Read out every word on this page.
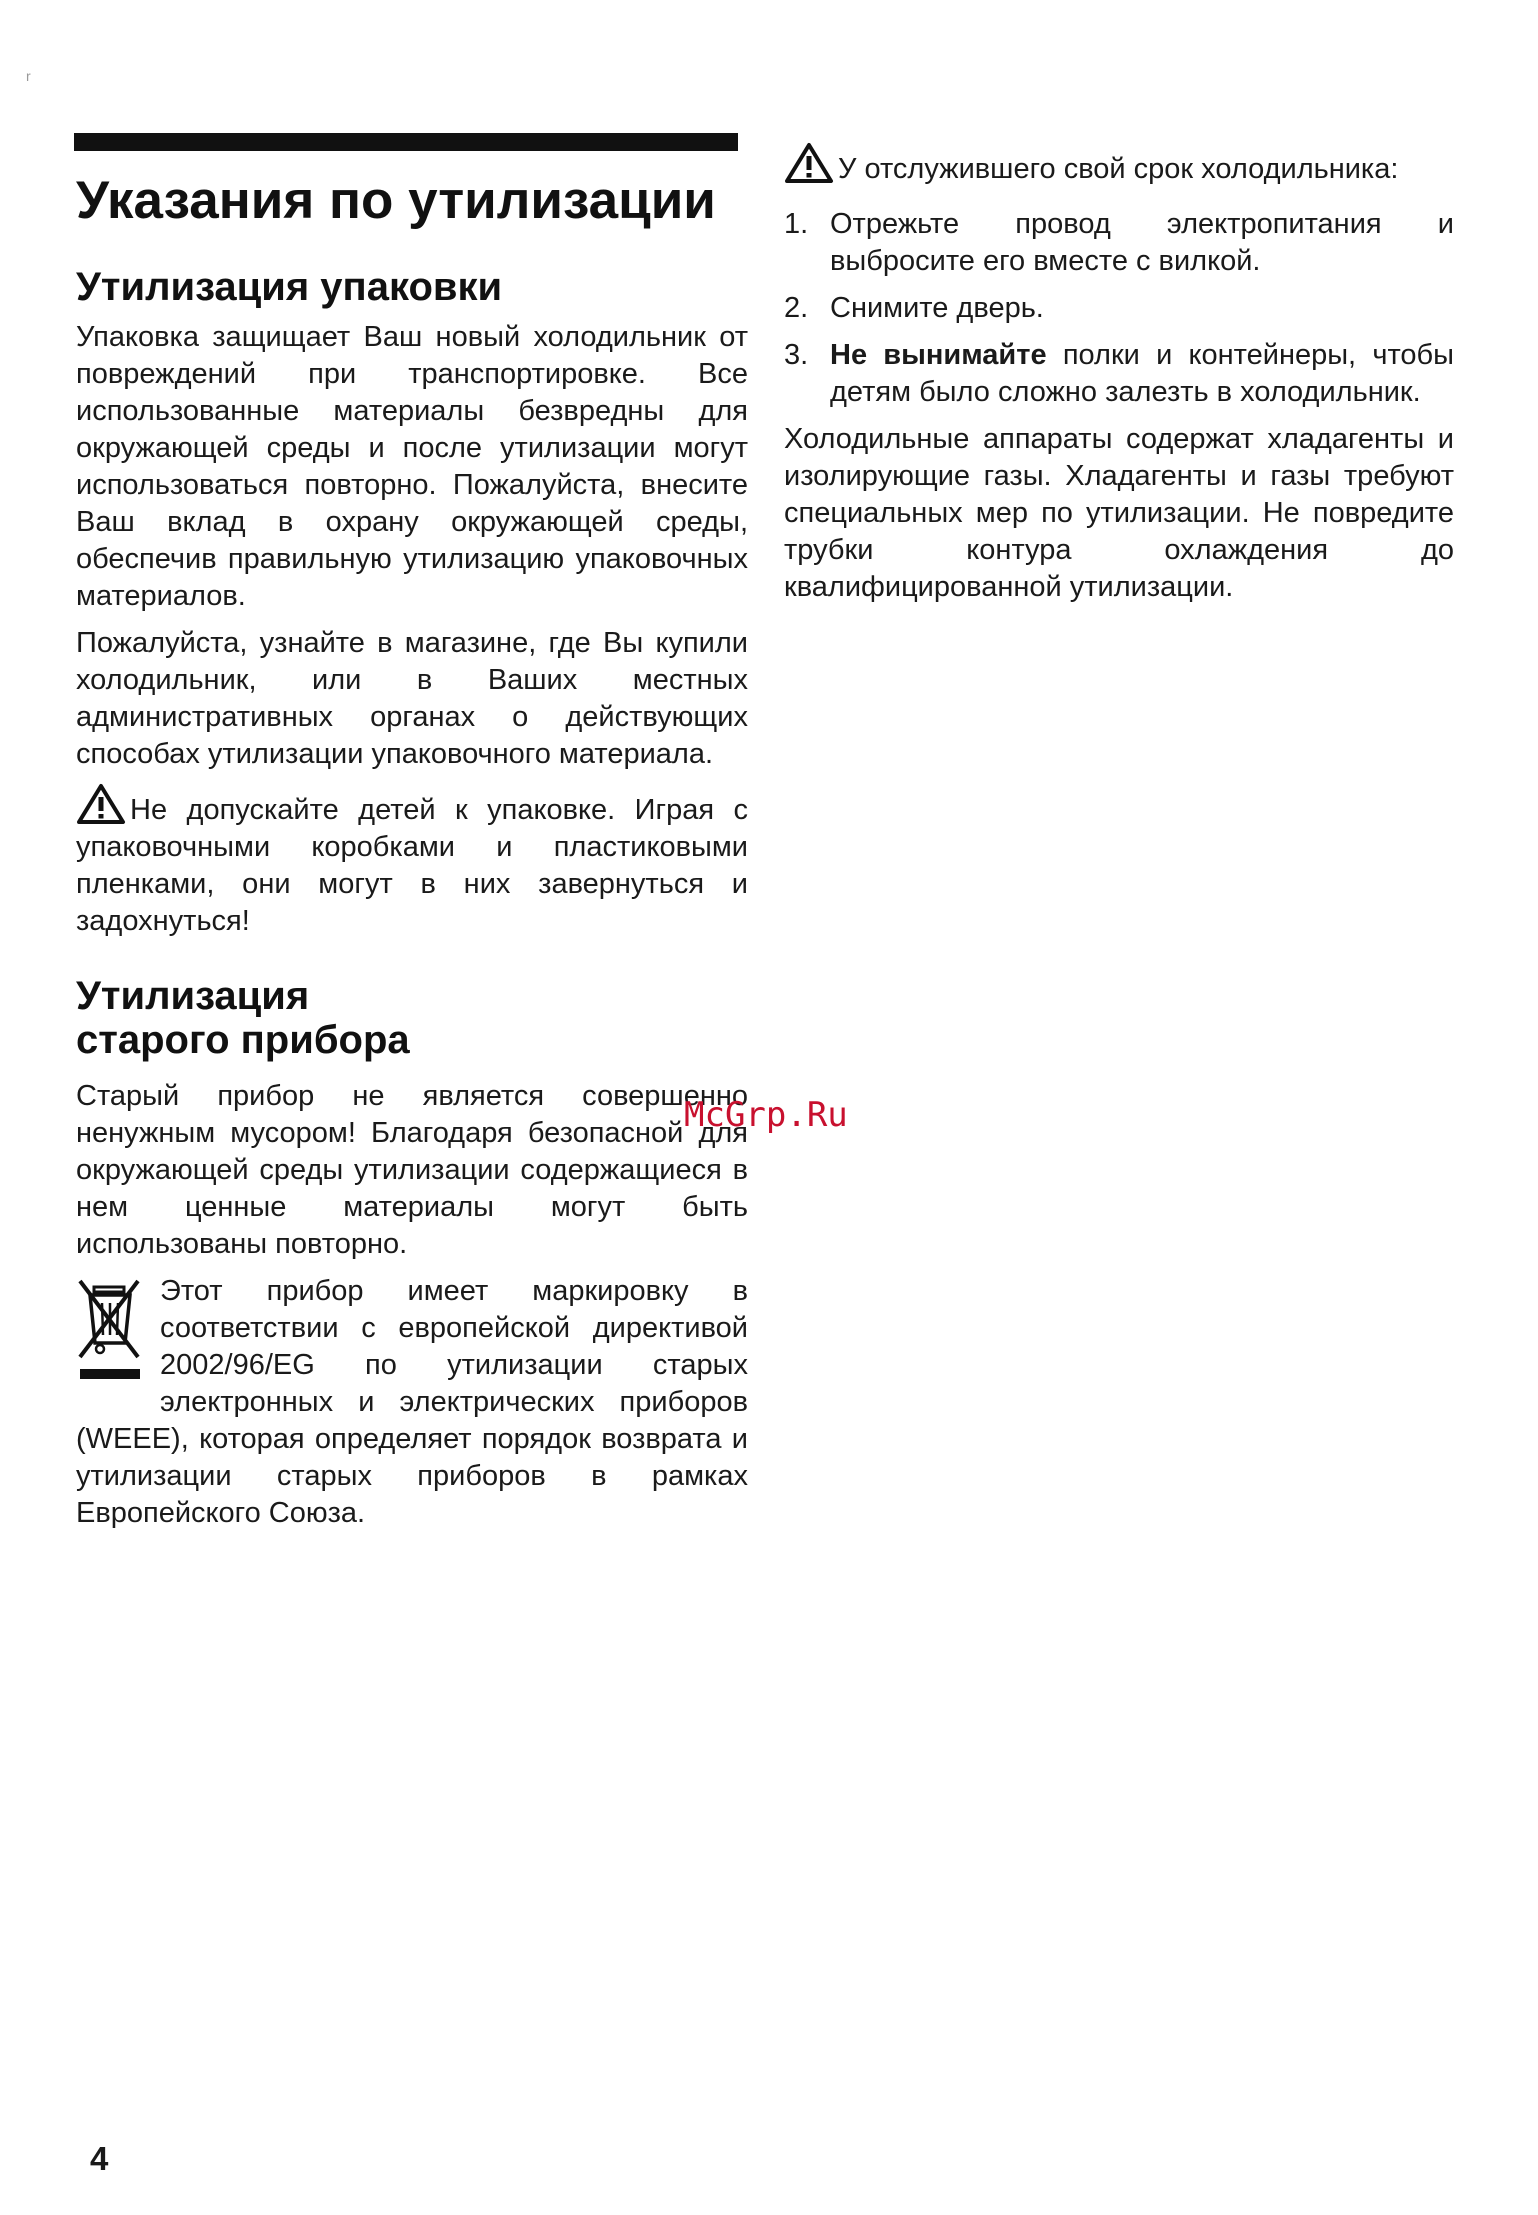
r
Указания по утилизации
Утилизация упаковки

Упаковка защищает Ваш новый холодильник от повреждений при транспортировке. Все использованные материалы безвредны для окружающей среды и после утилизации могут использоваться повторно. Пожалуйста, внесите Ваш вклад в охрану окружающей среды, обеспечив правильную утилизацию упаковочных материалов.

Пожалуйста, узнайте в магазине, где Вы купили холодильник, или в Ваших местных административных органах о действующих способах утилизации упаковочного материала.

Не допускайте детей к упаковке. Играя с упаковочными коробками и пластиковыми пленками, они могут в них завернуться и задохнуться!

Утилизация
старого прибора

Старый прибор не является совершенно ненужным мусором! Благодаря безопасной для окружающей среды утилизации содержащиеся в нем ценные материалы могут быть использованы повторно.

Этот прибор имеет маркировку в соответствии с европейской директивой 2002/96/EG по утилизации старых электронных и электрических приборов (WEEE), которая определяет порядок возврата и утилизации старых приборов в рамках Европейского Союза.

У отслужившего свой срок холодильника:

1. Отрежьте провод электропитания и выбросите его вместе с вилкой.
2. Снимите дверь.
3. Не вынимайте полки и контейнеры, чтобы детям было сложно залезть в холодильник.

Холодильные аппараты содержат хладагенты и изолирующие газы. Хладагенты и газы требуют специальных мер по утилизации. Не повредите трубки контура охлаждения до квалифицированной утилизации.

McGrp.Ru
4
